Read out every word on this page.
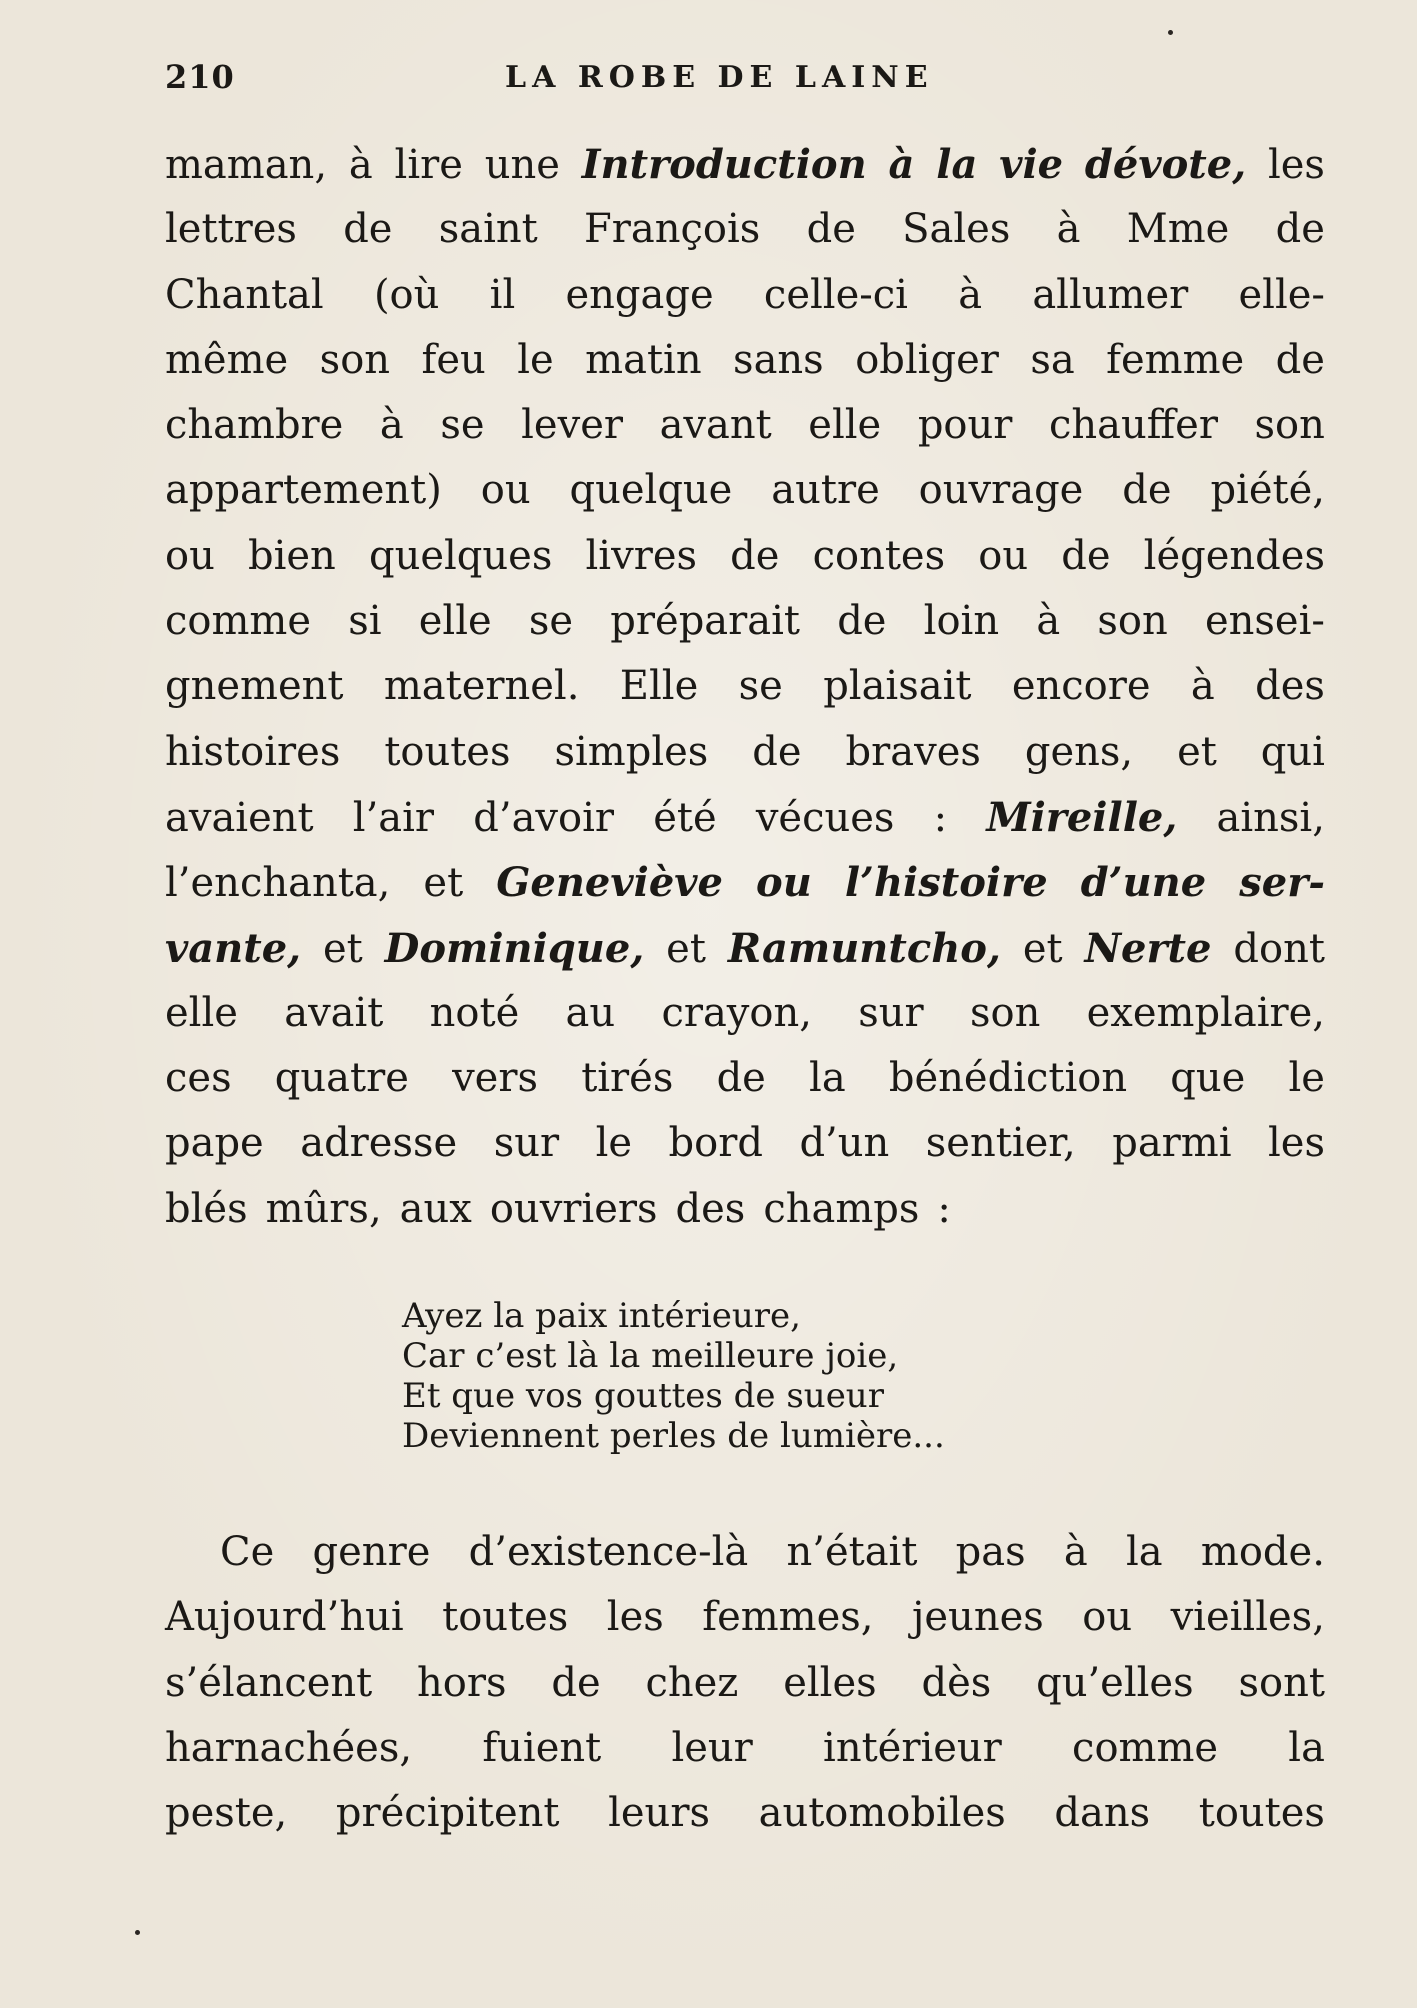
210	LA ROBE DE LAINE
maman, à lire une Introduction à la vie dévote, les
lettres de saint François de Sales à Mme de
Chantal (où il engage celle-ci à allumer elle-
même son feu le matin sans obliger sa femme de
chambre à se lever avant elle pour chauffer son
appartement) ou quelque autre ouvrage de piété,
ou bien quelques livres de contes ou de légendes
comme si elle se préparait de loin à son ensei-
gnement maternel. Elle se plaisait encore à des
histoires toutes simples de braves gens, et qui
avaient l’air d’avoir été vécues : Mireille, ainsi,
l’enchanta, et Geneviève ou l’histoire d’une ser-
vante, et Dominique, et Ramuntcho, et Nerte dont
elle avait noté au crayon, sur son exemplaire,
ces quatre vers tirés de la bénédiction que le
pape adresse sur le bord d’un sentier, parmi les
blés mûrs, aux ouvriers des champs :
Ayez la paix intérieure,
Car c’est là la meilleure joie,
Et que vos gouttes de sueur
Deviennent perles de lumière...
Ce genre d’existence-là n’était pas à la mode.
Aujourd’hui toutes les femmes, jeunes ou vieilles,
s’élancent hors de chez elles dès qu’elles sont
harnachées, fuient leur intérieur comme la
peste, précipitent leurs automobiles dans toutes
